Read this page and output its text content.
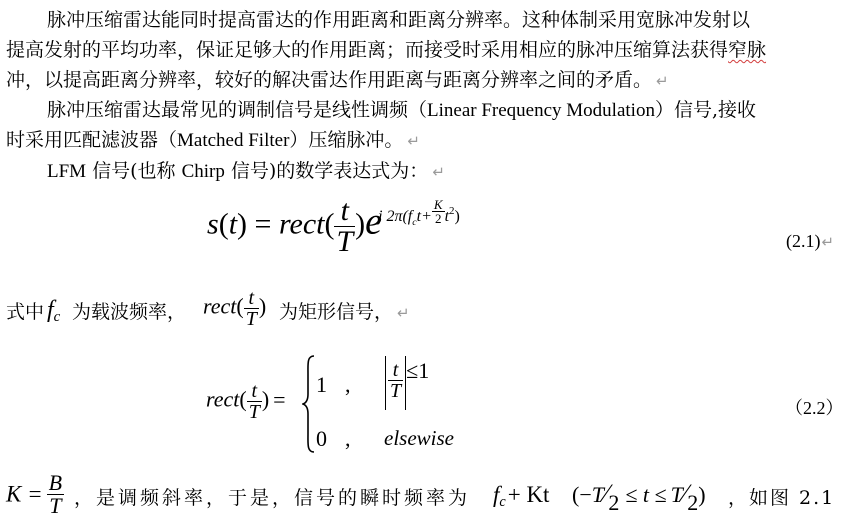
脉冲压缩雷达能同时提高雷达的作用距离和距离分辨率。这种体制采用宽脉冲发射以
提高发射的平均功率，保证足够大的作用距离；而接受时采用相应的脉冲压缩算法获得窄脉
冲，以提高距离分辨率，较好的解决雷达作用距离与距离分辨率之间的矛盾。 ↵
脉冲压缩雷达最常见的调制信号是线性调频（Linear Frequency Modulation）信号,接收
时采用匹配滤波器（Matched Filter）压缩脉冲。 ↵
LFM 信号(也称 Chirp 信号)的数学表达式为： ↵
s(t) = rect( $\frac{t}{T} )e$
j $2\pi(f_ct+ \frac{K}{2} t^2)$
(2.1)↵
式中 $f_c$ 为载波频率， rect( $\frac{t}{T}$ ) 为矩形信号， ↵
rect( $\frac{t}{T}$ ) =
1 , $\frac{t}{T} \le 1$
（2.2）
0 , elsewise
$K = \frac{B}{T}$ ，是调频斜率，于是，信号的瞬时频率为 $f_c+ Kt$ (−T⁄2 ≤ t ≤ T⁄2) ，如图 2.1
